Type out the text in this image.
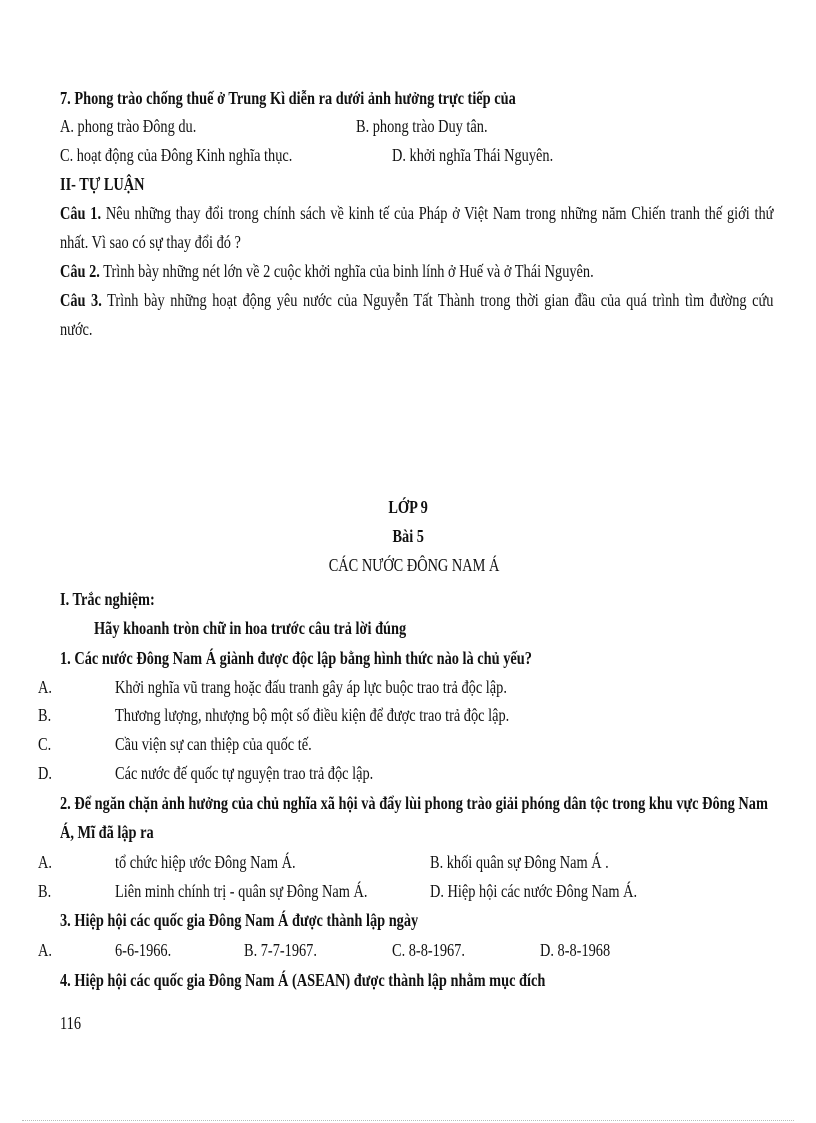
7. Phong trào chống thuế ở Trung Kì diễn ra dưới ảnh hưởng trực tiếp của
A. phong trào Đông du.	B. phong trào Duy tân.
C. hoạt động của Đông Kinh nghĩa thục.	D. khởi nghĩa Thái Nguyên.
II- TỰ LUẬN
Câu 1. Nêu những thay đổi trong chính sách về kinh tế của Pháp ở Việt Nam trong những năm Chiến tranh thế giới thứ
nhất. Vì sao có sự thay đổi đó ?
Câu 2. Trình bày những nét lớn về 2 cuộc khởi nghĩa của binh lính ở Huế và ở Thái Nguyên.
Câu 3. Trình bày những hoạt động yêu nước của Nguyễn Tất Thành trong thời gian đầu của quá trình tìm đường cứu
nước.
LỚP 9
Bài 5
CÁC NƯỚC ĐÔNG NAM Á
I. Trắc nghiệm:
Hãy khoanh tròn chữ in hoa trước câu trả lời đúng
1. Các nước Đông Nam Á giành được độc lập bằng hình thức nào là chủ yếu?
A.	Khởi nghĩa vũ trang hoặc đấu tranh gây áp lực buộc trao trả độc lập.
B.	Thương lượng, nhượng bộ một số điều kiện để được trao trả độc lập.
C.	Cầu viện sự can thiệp của quốc tế.
D.	Các nước đế quốc tự nguyện trao trả độc lập.
2. Để ngăn chặn ảnh hưởng của chủ nghĩa xã hội và đẩy lùi phong trào giải phóng dân tộc trong khu vực Đông Nam
Á, Mĩ đã lập ra
A.	tổ chức hiệp ước Đông Nam Á.	B. khối quân sự Đông Nam Á .
B.	Liên minh chính trị - quân sự Đông Nam Á.	D. Hiệp hội các nước Đông Nam Á.
3. Hiệp hội các quốc gia Đông Nam Á được thành lập ngày
A.	6-6-1966.	B. 7-7-1967.	C. 8-8-1967.	D. 8-8-1968
4. Hiệp hội các quốc gia Đông Nam Á (ASEAN) được thành lập nhằm mục đích
116
